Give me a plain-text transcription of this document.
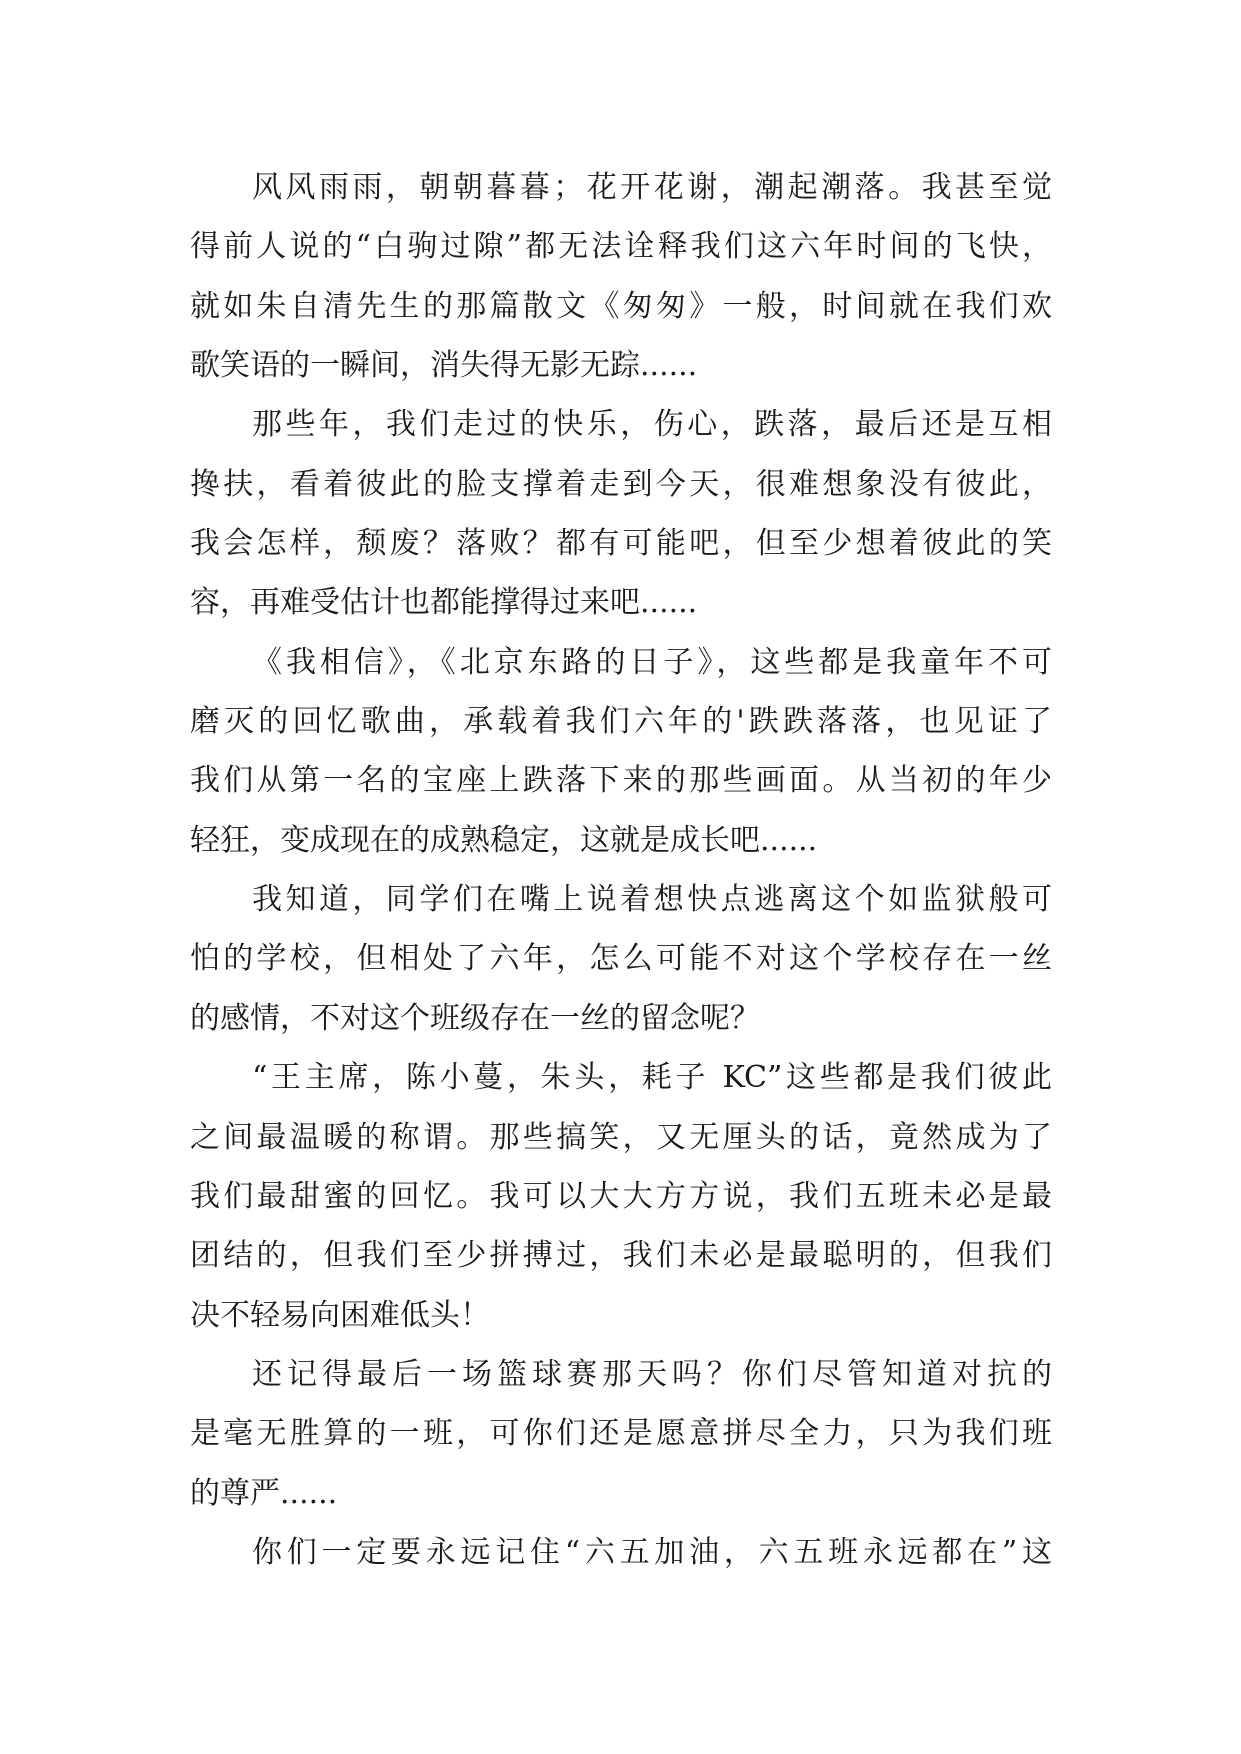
风风雨雨，朝朝暮暮；花开花谢，潮起潮落。我甚至觉
得前人说的“白驹过隙”都无法诠释我们这六年时间的飞快，
就如朱自清先生的那篇散文《匆匆》一般，时间就在我们欢
歌笑语的一瞬间，消失得无影无踪......
那些年，我们走过的快乐，伤心，跌落，最后还是互相
搀扶，看着彼此的脸支撑着走到今天，很难想象没有彼此，
我会怎样，颓废？落败？都有可能吧，但至少想着彼此的笑
容，再难受估计也都能撑得过来吧......
《我相信》，《北京东路的日子》，这些都是我童年不可
磨灭的回忆歌曲，承载着我们六年的'跌跌落落，也见证了
我们从第一名的宝座上跌落下来的那些画面。从当初的年少
轻狂，变成现在的成熟稳定，这就是成长吧......
我知道，同学们在嘴上说着想快点逃离这个如监狱般可
怕的学校，但相处了六年，怎么可能不对这个学校存在一丝
的感情，不对这个班级存在一丝的留念呢？
“王主席，陈小蔓，朱头，耗子 KC”这些都是我们彼此
之间最温暖的称谓。那些搞笑，又无厘头的话，竟然成为了
我们最甜蜜的回忆。我可以大大方方说，我们五班未必是最
团结的，但我们至少拼搏过，我们未必是最聪明的，但我们
决不轻易向困难低头！
还记得最后一场篮球赛那天吗？你们尽管知道对抗的
是毫无胜算的一班，可你们还是愿意拼尽全力，只为我们班
的尊严......
你们一定要永远记住“六五加油，六五班永远都在”这
